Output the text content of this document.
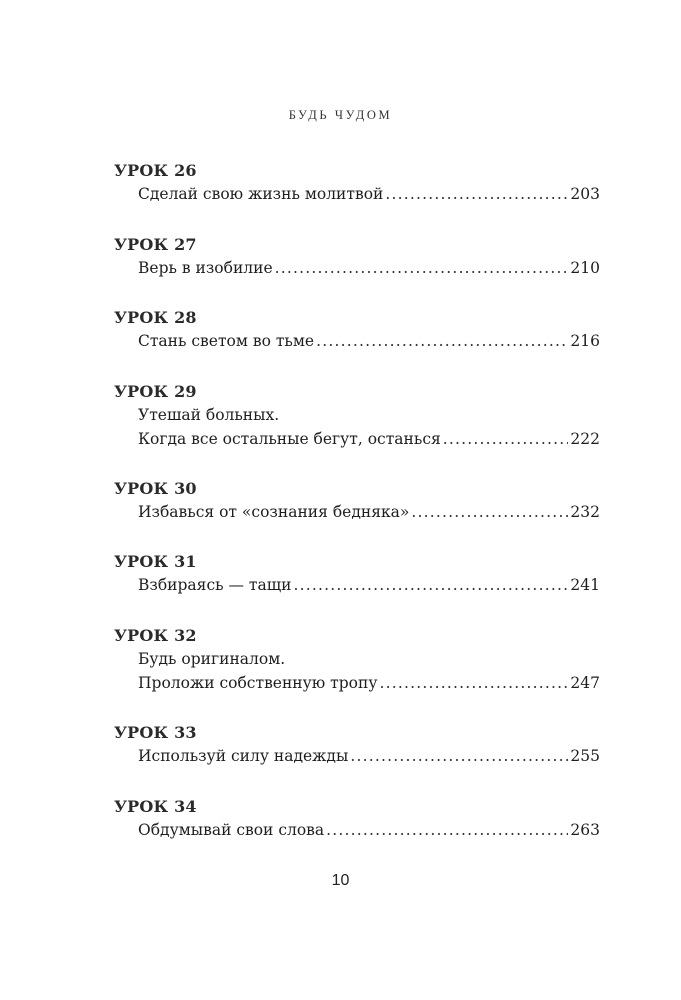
БУДЬ ЧУДОМ
УРОК 26
Сделай свою жизнь молитвой .....	203
УРОК 27
Верь в изобилие .....	210
УРОК 28
Стань светом во тьме .....	216
УРОК 29
Утешай больных.
Когда все остальные бегут, останься .....	222
УРОК 30
Избавься от «сознания бедняка» .....	232
УРОК 31
Взбираясь — тащи .....	241
УРОК 32
Будь оригиналом.
Проложи собственную тропу .....	247
УРОК 33
Используй силу надежды .....	255
УРОК 34
Обдумывай свои слова .....	263
10
